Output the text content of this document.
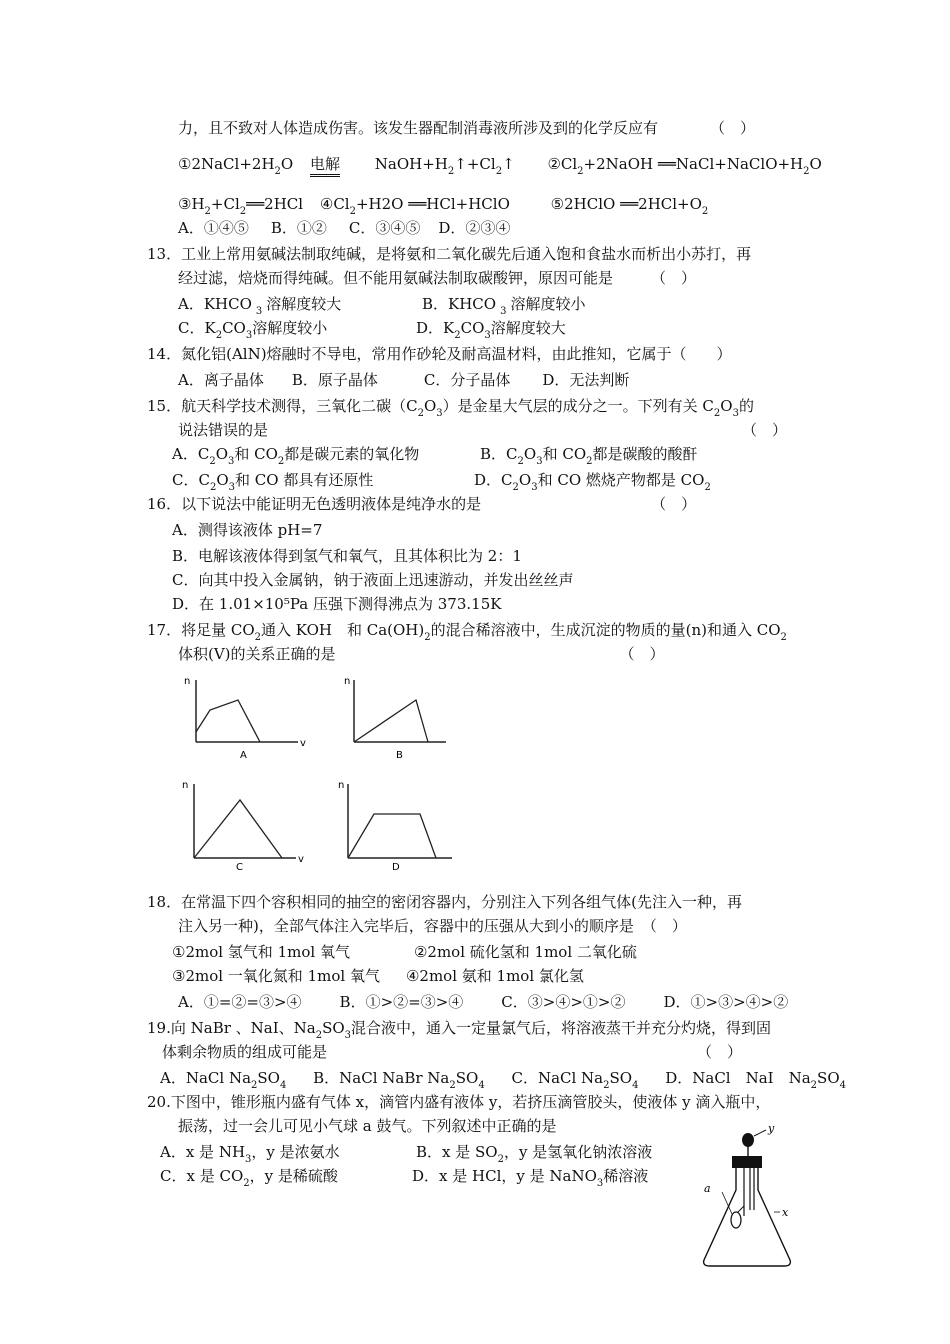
力，且不致对人体造成伤害。该发生器配制消毒液所涉及到的化学反应有	（　）
$①2NaCl+2H_2O$ 电解 $NaOH+H_2↑+Cl_2↑$ $②Cl_2+2NaOH$ $══NaCl+NaClO+H_2O$
$③H_2+Cl_2══2HCl$ $④Cl_2+H2O$ ══HCl+HClO	⑤2HClO $══2HCl+O_2$
A．①④⑤ B．①② C．③④⑤ D．②③④
13．工业上常用氨碱法制取纯碱，是将氨和二氧化碳先后通入饱和食盐水而析出小苏打，再
经过滤，焙烧而得纯碱。但不能用氨碱法制取碳酸钾，原因可能是	（　）
A．KHCO $_3$ 溶解度较大	B．KHCO $_3$ 溶解度较小
C．$K_2CO_3$溶解度较小	D．$K_2CO_3$溶解度较大
14．氮化铝(AlN)熔融时不导电，常用作砂轮及耐高温材料，由此推知，它属于（　　）
A．离子晶体 B．原子晶体	C．分子晶体 D．无法判断
15．航天科学技术测得，三氧化二碳$(C_2O_3)$是金星大气层的成分之一。下列有关 $C_2O_3$的
说法错误的是	（　）
A．$C_2O_3$和 $CO_2$都是碳元素的氧化物	B．$C_2O_3$和 $CO_2$都是碳酸的酸酐
C．$C_2O_3$和 CO 都具有还原性	D．$C_2O_3$和 CO 燃烧产物都是 $CO_2$
16．以下说法中能证明无色透明液体是纯净水的是	（　）
A．测得该液体 pH=7
B．电解该液体得到氢气和氧气，且其体积比为 2：1
C．向其中投入金属钠，钠于液面上迅速游动，并发出丝丝声
D．在 1.01×10⁵Pa 压强下测得沸点为 373.15K
17．将足量 $CO_2$通入 KOH　和 $Ca(OH)_2$的混合稀溶液中，生成沉淀的物质的量(n)和通入 $CO_2$
体积(V)的关系正确的是	（　）
n
v
A
n
B
n
v
C
n
D
18．在常温下四个容积相同的抽空的密闭容器内，分别注入下列各组气体(先注入一种，再
注入另一种)，全部气体注入完毕后，容器中的压强从大到小的顺序是 （　）
①2mol 氢气和 1mol 氧气	②2mol 硫化氢和 1mol 二氧化硫
③2mol 一氧化氮和 1mol 氧气 ④2mol 氨和 1mol 氯化氢
A．①=②=③>④	B．①>②=③>④	C．③>④>①>②	D．①>③>④>②
19.向 NaBr 、NaI、$Na_2SO_3$混合液中，通入一定量氯气后，将溶液蒸干并充分灼烧，得到固
体剩余物质的组成可能是	（　）
A．NaCl $Na_2SO_4$ B．NaCl NaBr $Na_2SO_4$ C．NaCl $Na_2SO_4$ D．NaCl　NaI　$Na_2SO_4$
20.下图中，锥形瓶内盛有气体 x，滴管内盛有液体 y，若挤压滴管胶头，使液体 y 滴入瓶中，
振荡，过一会儿可见小气球 a 鼓气。下列叙述中正确的是
A．x 是 $NH_3$，y 是浓氨水	B．x 是 $SO_2$，y 是氢氧化钠浓溶液
C．x 是 $CO_2$，y 是稀硫酸	D．x 是 HCl，y 是 NaNO$_3$稀溶液
y
a
x
